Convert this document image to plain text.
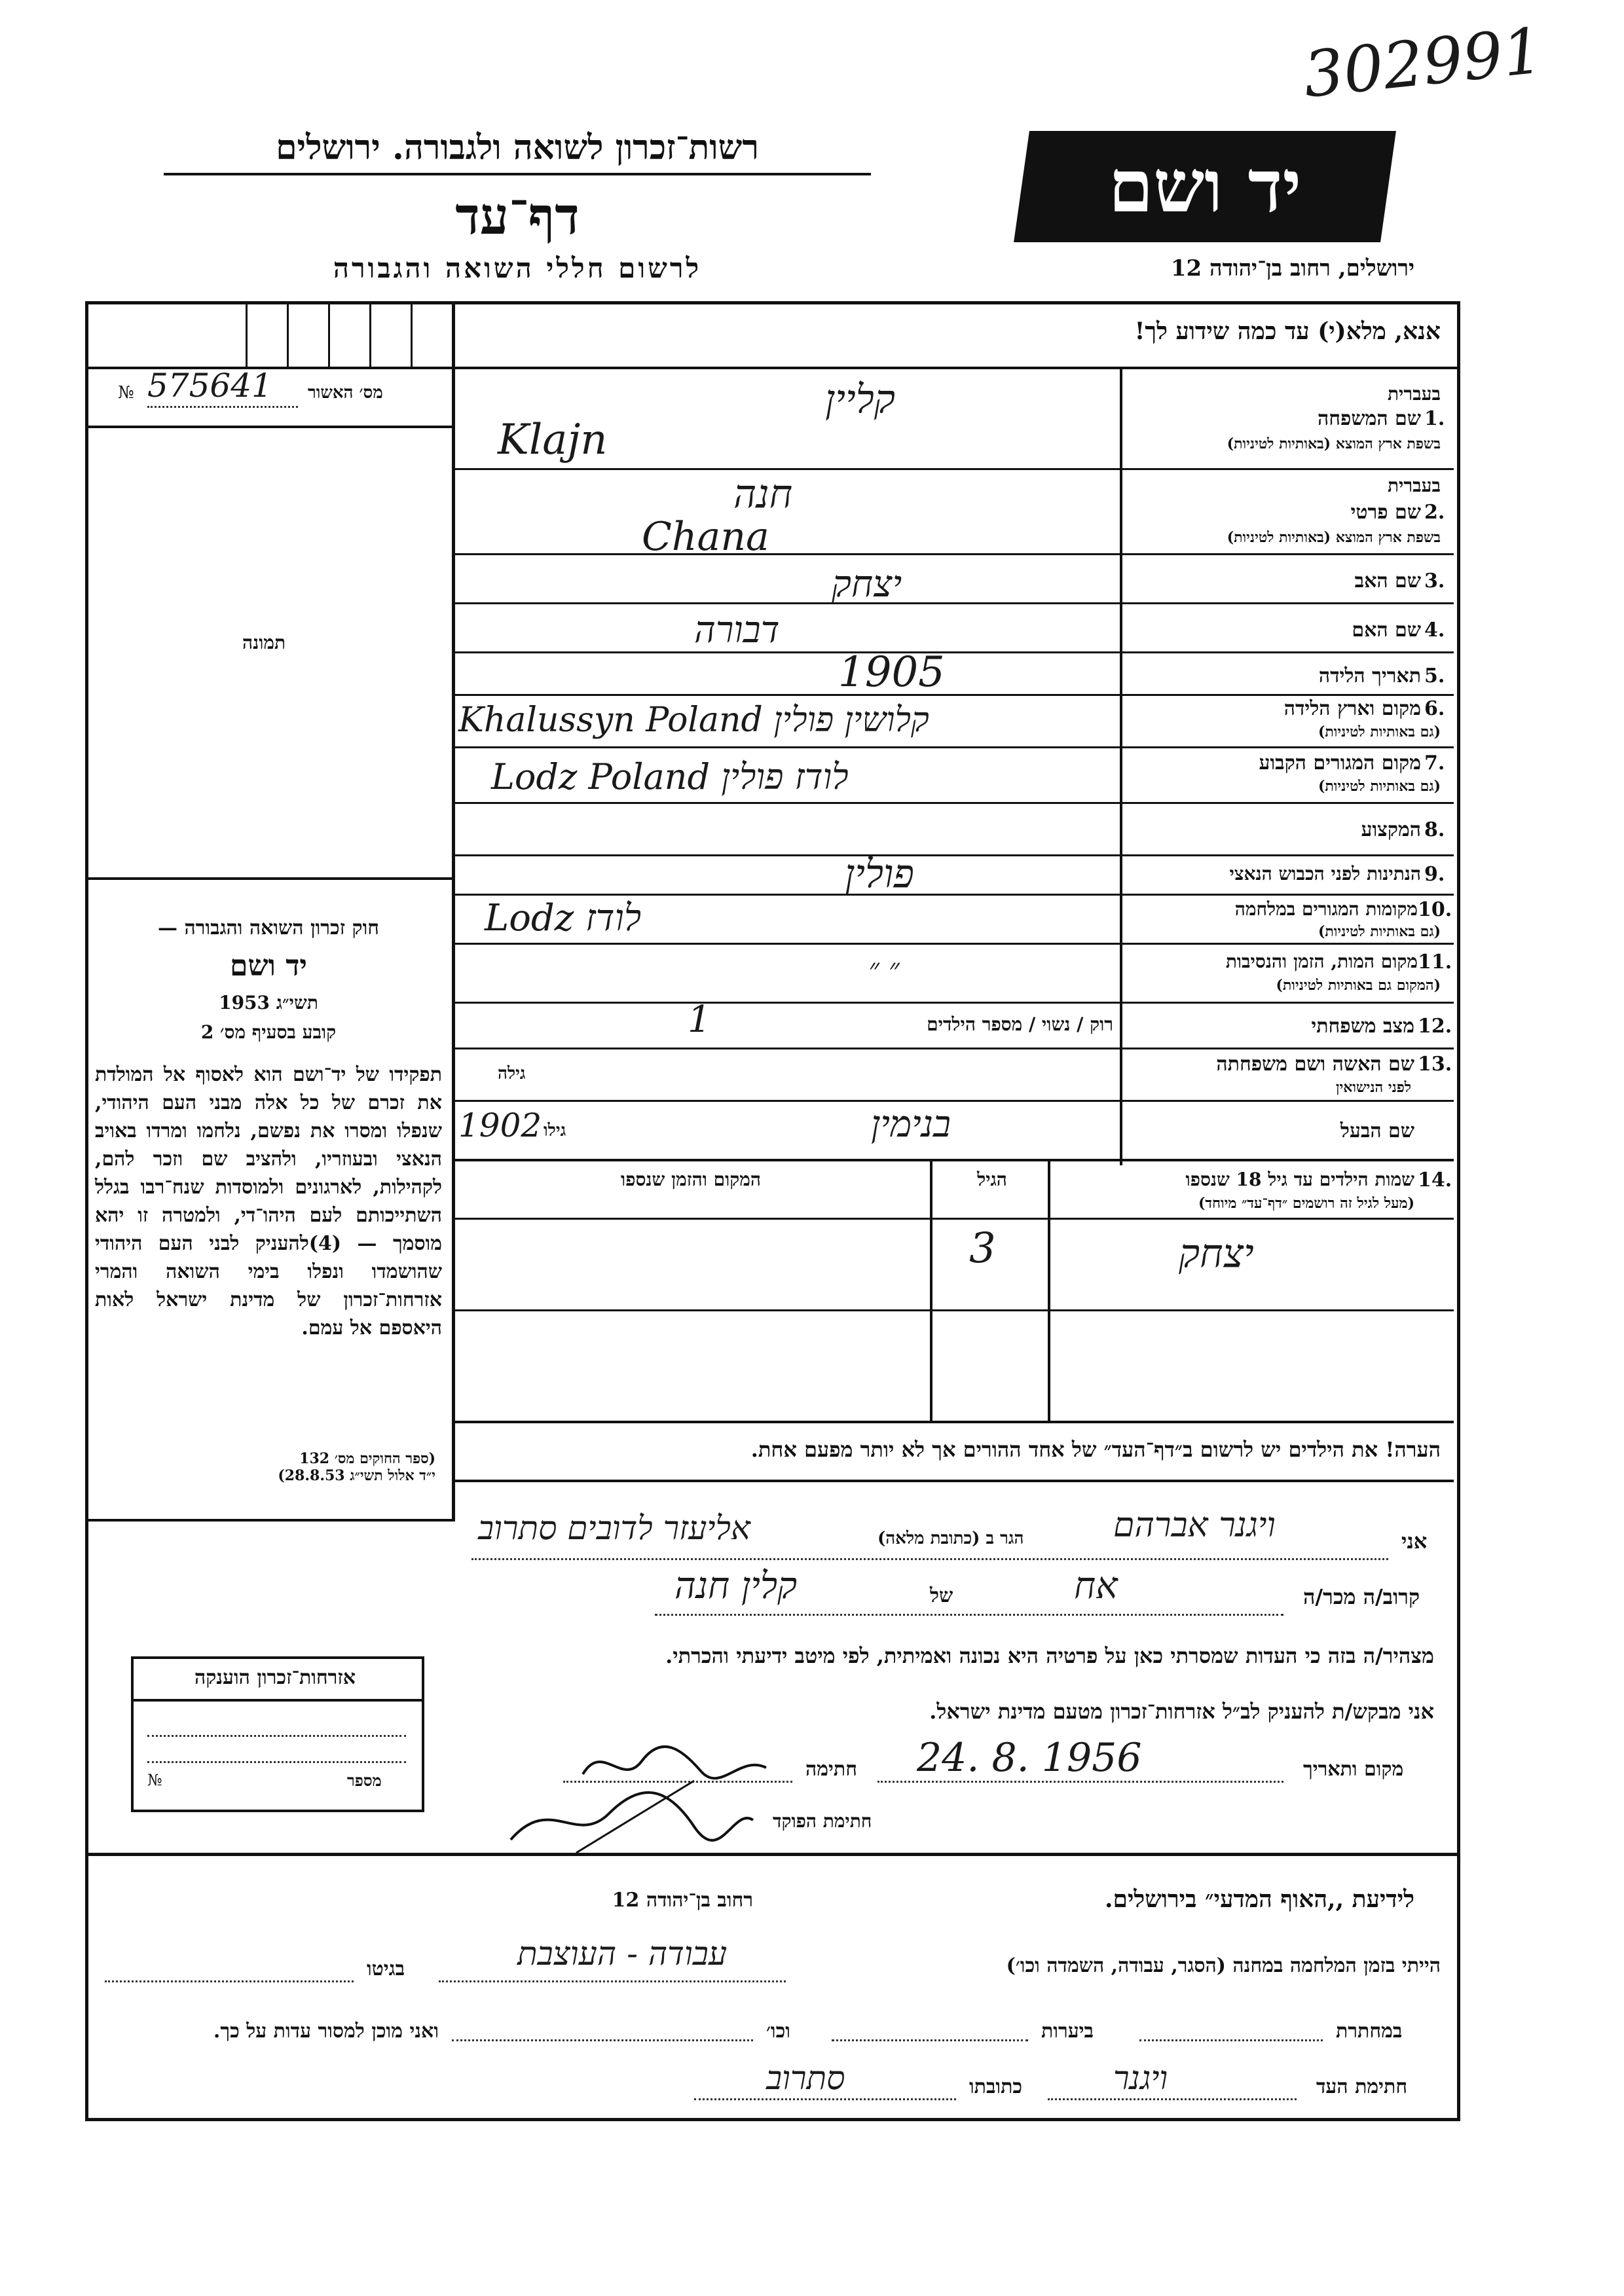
302991
יד ושם
ירושלים, רחוב בן־יהודה 12
רשות־זכרון לשואה ולגבורה. ירושלים
דף־עד
לרשום חללי השואה והגבורה
אנא, מלא(י) עד כמה שידוע לך!
מס׳ האשור
№ 575641
תמונה
בעברית
שם המשפחה 1.
בשפת ארץ המוצא (באותיות לטיניות)
קליין
Klajn
בעברית
שם פרטי 2.
בשפת ארץ המוצא (באותיות לטיניות)
חנה
Chana
שם האב 3.
יצחק
שם האם 4.
דבורה
תאריך הלידה 5.
1905
מקום וארץ הלידה 6.
(גם באותיות לטיניות)
Khalussyn Poland קלושין פולין
מקום המגורים הקבוע 7.
(גם באותיות לטיניות)
Lodz Poland לודז פולין
המקצוע 8.
הנתינות לפני הכבוש הנאצי 9.
פולין
מקומות המגורים במלחמה 10.
(גם באותיות לטיניות)
Lodz לודז
מקום המות, הזמן והנסיבות 11.
(המקום גם באותיות לטיניות)
״ ״
מצב משפחתי 12.
רוק / נשוי / מספר הילדים
1
שם האשה ושם משפחתה 13.
לפני הנישואין
גילה
שם הבעל
בנימין
גילו
1902
שמות הילדים עד גיל 18 שנספו 14.
(מעל לגיל זה רושמים ״דף־עד״ מיוחד)
הגיל
המקום והזמן שנספו
יצחק
3
חוק זכרון השואה והגבורה —
יד ושם
תשי״ג 1953
קובע בסעיף מס׳ 2
תפקידו של יד־ושם הוא לאסוף אל המולדת את זכרם של כל אלה מבני העם היהודי, שנפלו ומסרו את נפשם, נלחמו ומרדו באויב הנאצי ובעוזריו, ולהציב שם וזכר להם, לקהילות, לארגונים ולמוסדות שנח־רבו בגלל השתייכותם לעם היהו־די, ולמטרה זו יהא מוסמך — (4)להעניק לבני העם היהודי שהושמדו ונפלו בימי השואה והמרי אזרחות־זכרון של מדינת ישראל לאות היאספם אל עמם.
(ספר החוקים מס׳ 132
י״ד אלול תשי״ג 28.8.53)
הערה! את הילדים יש לרשום ב״דף־העד״ של אחד ההורים אך לא יותר מפעם אחת.
אני
ויגנר אברהם
הגר ב (כתובת מלאה)
אליעזר לדובים סתרוב
קרוב/ה מכר/ה
אח
של
קלין חנה
מצהיר/ה בזה כי העדות שמסרתי כאן על פרטיה היא נכונה ואמיתית, לפי מיטב ידיעתי והכרתי.
אני מבקש/ת להעניק לב״ל אזרחות־זכרון מטעם מדינת ישראל.
מקום ותאריך
24. 8. 1956
חתימה
חתימת הפוקד
אזרחות־זכרון הוענקה
מספר
№
לידיעת ,,האוף המדעי״ בירושלים.
רחוב בן־יהודה 12
הייתי בזמן המלחמה במחנה (הסגר, עבודה, השמדה וכו׳)
עבודה - העוצבת
בגיטו
במחתרת
ביערות
וכו׳
ואני מוכן למסור עדות על כך.
חתימת העד
ויגנר
כתובתו
סתרוב
